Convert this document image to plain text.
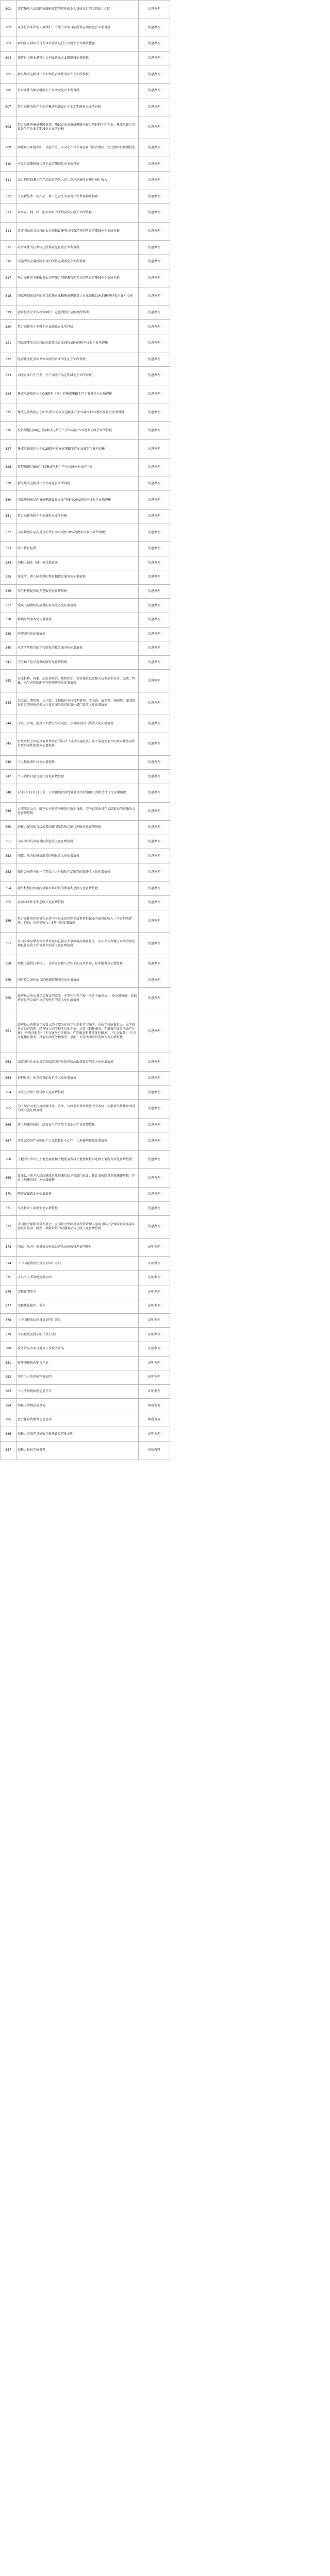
301	安置残疾人员及国家鼓励安置的其他就业人员所支付的工资加计扣除	优惠办理
302	从事符合条件的环境保护、节能节水项目的所得定期减免企业所得税	优惠办理
303	吸纳重点群体及自主择业创业退役士兵就业企业税收优惠	优惠办理
304	扶持自主就业退役士兵创业就业企业限额减征增值税	优惠办理
305	新办集成电路设计企业和符合条件的软件企业所得税	优惠办理
306	符合条件的集成电路生产企业减免企业所得税	优惠办理
307	符合条件的软件企业和集成电路设计企业定期减免企业所得税	优惠办理
308	符合条件的集成电路封装、测试企业及集成电路关键专用材料生产企业、集成电路专用设备生产企业定期减免企业所得税	优惠办理
309	购置用于环境保护、节能节水、安全生产等专用设备的投资额按一定比例实行税额抵免	优惠办理
310	享受过渡期税收优惠企业定期减免企业所得税	优惠办理
311	综合利用资源生产产品取得的收入在计算应纳税所得额时减计收入	优惠办理
312	开发新技术、新产品、新工艺发生的研究开发费用加计扣除	优惠办理
313	从事农、林、牧、渔业项目的所得减免征收企业所得税	优惠办理
314	从事国家重点扶持的公共基础设施项目投资经营的所得定期减免企业所得税	优惠办理
315	符合条件的技术转让所得减免征收企业所得税	优惠办理
316	实施清洁发展机制项目的所得定期减免企业所得税	优惠办理
317	符合条件的节能服务公司实施合同能源管理项目的所得定期减免企业所得税	优惠办理
318	国家规划布局内的重点软件企业和集成电路设计企业减按10%的税率征收企业所得税	优惠办理
319	创业投资企业按投资额的一定比例抵扣应纳税所得额	优惠办理
320	符合条件的小型微利企业减免企业所得税	优惠办理
321	国家需要重点扶持的高新技术企业减按15%的税率征收企业所得税	优惠办理
322	经营性文化事业单位转制为企业的免征企业所得税	优惠办理
323	动漫企业自主开发、生产动漫产品定期减免企业所得税	优惠办理
324	集成电路线宽小于0.8微米（含）的集成电路生产企业减免企业所得税	优惠办理
325	集成电路线宽小于0.25微米的集成电路生产企业减按15%税率征收企业所得税	优惠办理
326	投资额超过80亿元的集成电路生产企业减按15%税率征收企业所得税	优惠办理
327	集成电路线宽小于0.25微米的集成电路生产企业减免企业所得税	优惠办理
328	投资额超过80亿元的集成电路生产企业减免企业所得税	优惠办理
329	新办集成电路设计企业减免企业所得税	优惠办理
330	国家规划布局内集成电路设计企业可减按10%的税率征收企业所得税	优惠办理
331	符合条件的软件企业减免企业所得税	优惠办理
332	国家规划布局内重点软件企业可减按10%的税率征收企业所得税	优惠办理
333	职工教育经费	优惠办理
334	纳税人减免（减）税优惠备案	优惠办理
335	托儿所、幼儿园提供的保育和教育服务免征增值税	优惠办理
336	养老机构提供的养老服务免征增值税	优惠办理
337	残疾人福利机构提供的育养服务免征增值税	优惠办理
338	婚姻介绍服务免征增值税	优惠办理
339	殡葬服务免征增值税	优惠办理
340	从事学历教育的学校提供的教育服务免征增值税	优惠办理
341	学生勤工俭学提供的服务免征增值税	优惠办理
342	农业机耕、排灌、病虫害防治、植物保护、农牧保险以及相关技术培训业务，家禽、牲畜、水生动物的配种和疾病防治免征增值税	优惠办理
343	纪念馆、博物馆、文化馆、文物保护单位管理机构、美术馆、展览馆、书画院、图书馆在自己的场所提供文化体育服务取得的第一道门票收入免征增值税	优惠办理
344	寺院、宫观、清真寺和教堂举办文化、宗教活动的门票收入免征增值税	优惠办理
345	行政单位之外的其他单位收取的符合《试点实施办法》第十条规定条件的政府性基金和行政事业性收费免征增值税	优惠办理
346	个人转让著作权免征增值税	优惠办理
347	个人销售自建自用住房免征增值税	优惠办理
348	2018年12月31日前，公共租赁住房经营管理单位出租公共租赁住房免征增值税	优惠办理
349	台湾航运公司、航空公司从事海峡两岸海上直航、空中直航业务在大陆取得的运输收入免征增值税	优惠办理
350	纳税人提供的直接或者间接国际货物运输代理服务免征增值税	优惠办理
351	国家助学贷款取得的利息收入免征增值税	优惠办理
352	国债、地方政府债取得的利息收入免征增值税	优惠办理
353	保险公司开办的一年期以上人身保险产品取得的保费收入免征增值税	优惠办理
354	境外机构投资境内债券市场取得的债券利息收入免征增值税	优惠办理
355	金融同业往来利息收入免征增值税	优惠办理
356	符合条件的担保机构从事中小企业信用担保或者再担保业务取得的收入（不含信用评级、咨询、培训等收入）3年内免征增值税	优惠办理
357	对国家商品储备管理单位及其直属企业承担商品储备任务，从中央或者地方财政取得的利息补贴收入和价差补贴收入免征增值税	优惠办理
358	纳税人提供技术转让、技术开发和与之相关的技术咨询、技术服务免征增值税	优惠办理
359	同时符合条件的合同能源管理服务免征增值税	优惠办理
360	政府举办的从事学历教育的高等、中等和初等学校（不含下属单位），举办进修班、培训班取得的全部归该学校所有的收入免征增值税	优惠办理
361	政府举办的职业学校设立的主要为在校学生提供实习场所、并由学校出资自办、由学校负责经营管理、经营收入归学校所有的企业，从事《销售服务、无形资产或者不动产注释》中"现代服务"（不含融资租赁服务、广告服务和其他现代服务）、"生活服务"（不含文化体育服务、其他生活服务和桑拿、氧吧）业务活动取得的收入免征增值税	优惠办理
362	家政服务企业由员工制家政服务员提供家政服务取得的收入免征增值税	优惠办理
363	福利彩票、体育彩票的发行收入免征增值税	优惠办理
364	军队空余房产租赁收入免征增值税	优惠办理
365	为了配合国家住房制度改革，企业、行政事业单位按房改成本价、标准价出售住房取得的收入免征增值税	优惠办理
366	将土地使用权转让给农业生产者用于农业生产免征增值税	优惠办理
367	涉及家庭财产分割的个人无偿转让不动产、土地使用权免征增值税	优惠办理
368	土地所有者出让土地使用权和土地使用者将土地使用权归还给土地所有者免征增值税	优惠办理
369	县级以上地方人民政府或自然资源行政主管部门出让、转让或收回自然资源使用权（不含土地使用权）免征增值税	优惠办理
370	随军家属就业免征增值税	优惠办理
371	军队转业干部就业免征增值税	优惠办理
372	全国社会保障基金理事会、全国社会保障基金投资管理人运用全国社会保障基金买卖证券投资基金、股票、债券取得的金融商品转让收入免征增值税	优惠办理
373	国家（地方）税务机关外出经营活动税收管理证明开具	证明办理
374	《中国税收居民身份证明》开具	证明办理
375	开具个人所得税完税证明	证明办理
376	完税证明开具	证明办理
377	完税凭证换开、重开	证明办理
378	《中国税收居民身份证明》开具	证明办理
379	开具税收完税证明（文书式）	证明办理
380	服务贸易等项目对外支付税务备案	证明办理
381	转开印花税票销售凭证	证明办理
382	开具个人所得税完税证明	证明办理
383	个人所得税纳税记录开具	证明办理
384	纳税人涉税信息查询	纳税查询
385	社会保险费缴费信息查询	纳税查询
386	纳税人申请开具税收完税凭证及其他证明	证明办理
387	纳税人报送涉税资料	纳税资料
